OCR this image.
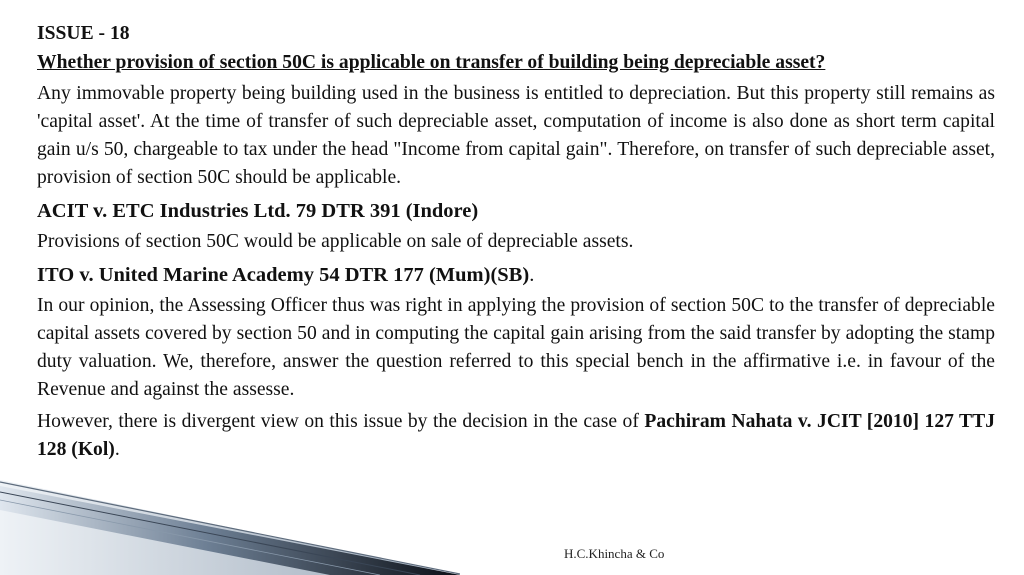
ISSUE - 18
Whether provision of section 50C is applicable on transfer of building being depreciable asset?

Any immovable property being building used in the business is entitled to depreciation. But this property still remains as 'capital asset'. At the time of transfer of such depreciable asset, computation of income is also done as short term capital gain u/s 50, chargeable to tax under the head "Income from capital gain". Therefore, on transfer of such depreciable asset, provision of section 50C should be applicable.

ACIT v. ETC Industries Ltd. 79 DTR 391 (Indore)

Provisions of section 50C would be applicable on sale of depreciable assets.

ITO v. United Marine Academy 54 DTR 177 (Mum)(SB).

In our opinion, the Assessing Officer thus was right in applying the provision of section 50C to the transfer of depreciable capital assets covered by section 50 and in computing the capital gain arising from the said transfer by adopting the stamp duty valuation. We, therefore, answer the question referred to this special bench in the affirmative i.e. in favour of the Revenue and against the assesse.

However, there is divergent view on this issue by the decision in the case of Pachiram Nahata v. JCIT [2010] 127 TTJ 128 (Kol).

H.C.Khincha & Co
